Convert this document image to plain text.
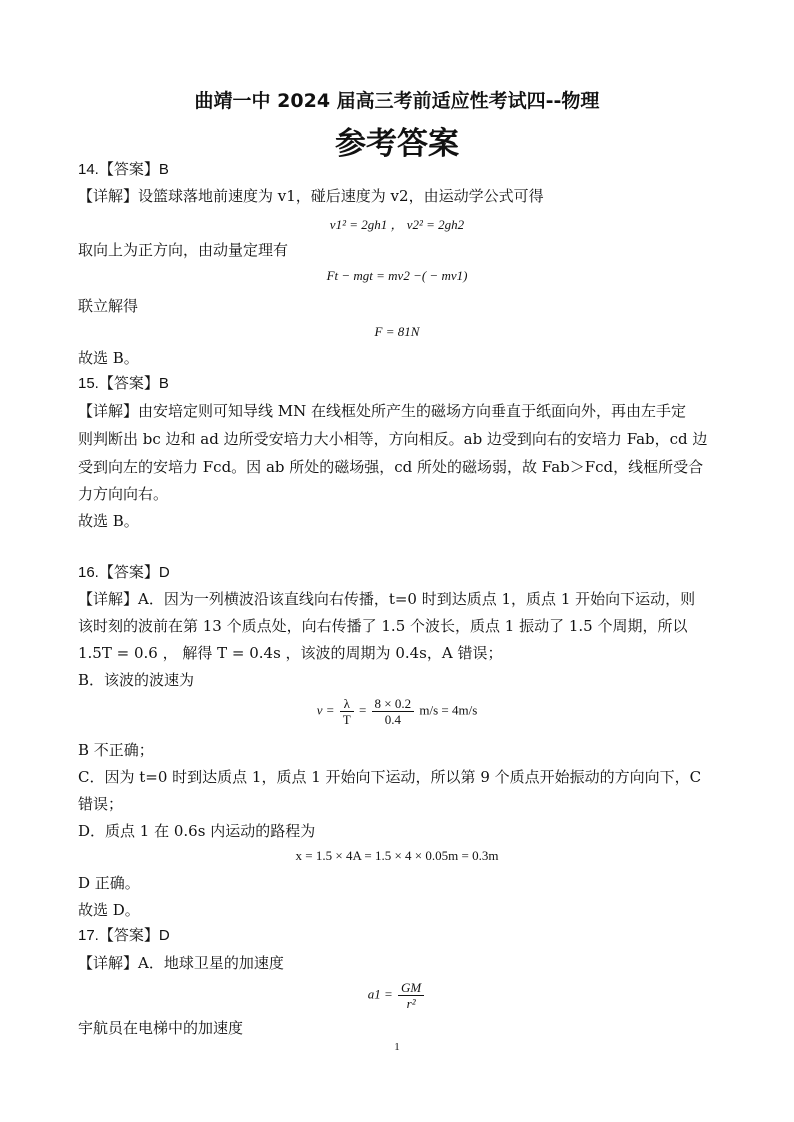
曲靖一中 2024 届高三考前适应性考试四--物理
参考答案
14.【答案】B
【详解】设篮球落地前速度为 v1，碰后速度为 v2，由运动学公式可得
v1² = 2gh1 ， v2² = 2gh2
取向上为正方向，由动量定理有
Ft − mgt = mv2 −( − mv1)
联立解得
F = 81N
故选 B。
15.【答案】B
【详解】由安培定则可知导线 MN 在线框处所产生的磁场方向垂直于纸面向外，再由左手定
则判断出 bc 边和 ad 边所受安培力大小相等，方向相反。ab 边受到向右的安培力 Fab，cd 边
受到向左的安培力 Fcd。因 ab 所处的磁场强，cd 所处的磁场弱，故 Fab＞Fcd，线框所受合
力方向向右。
故选 B。
16.【答案】D
【详解】A．因为一列横波沿该直线向右传播，t=0 时到达质点 1，质点 1 开始向下运动，则
该时刻的波前在第 13 个质点处，向右传播了 1.5 个波长，质点 1 振动了 1.5 个周期，所以
1.5T = 0.6 ， 解得 T = 0.4s ，该波的周期为 0.4s，A 错误；
B．该波的波速为
$v = \frac{\lambda}{T} = \frac{8 \times 0.2}{0.4} m/s = 4m/s$
B 不正确；
C．因为 t=0 时到达质点 1，质点 1 开始向下运动，所以第 9 个质点开始振动的方向向下，C
错误；
D．质点 1 在 0.6s 内运动的路程为
x = 1.5 × 4A = 1.5 × 4 × 0.05m = 0.3m
D 正确。
故选 D。
17.【答案】D
【详解】A．地球卫星的加速度
$a1 = \frac{GM}{\text{r²}}$
宇航员在电梯中的加速度
1
